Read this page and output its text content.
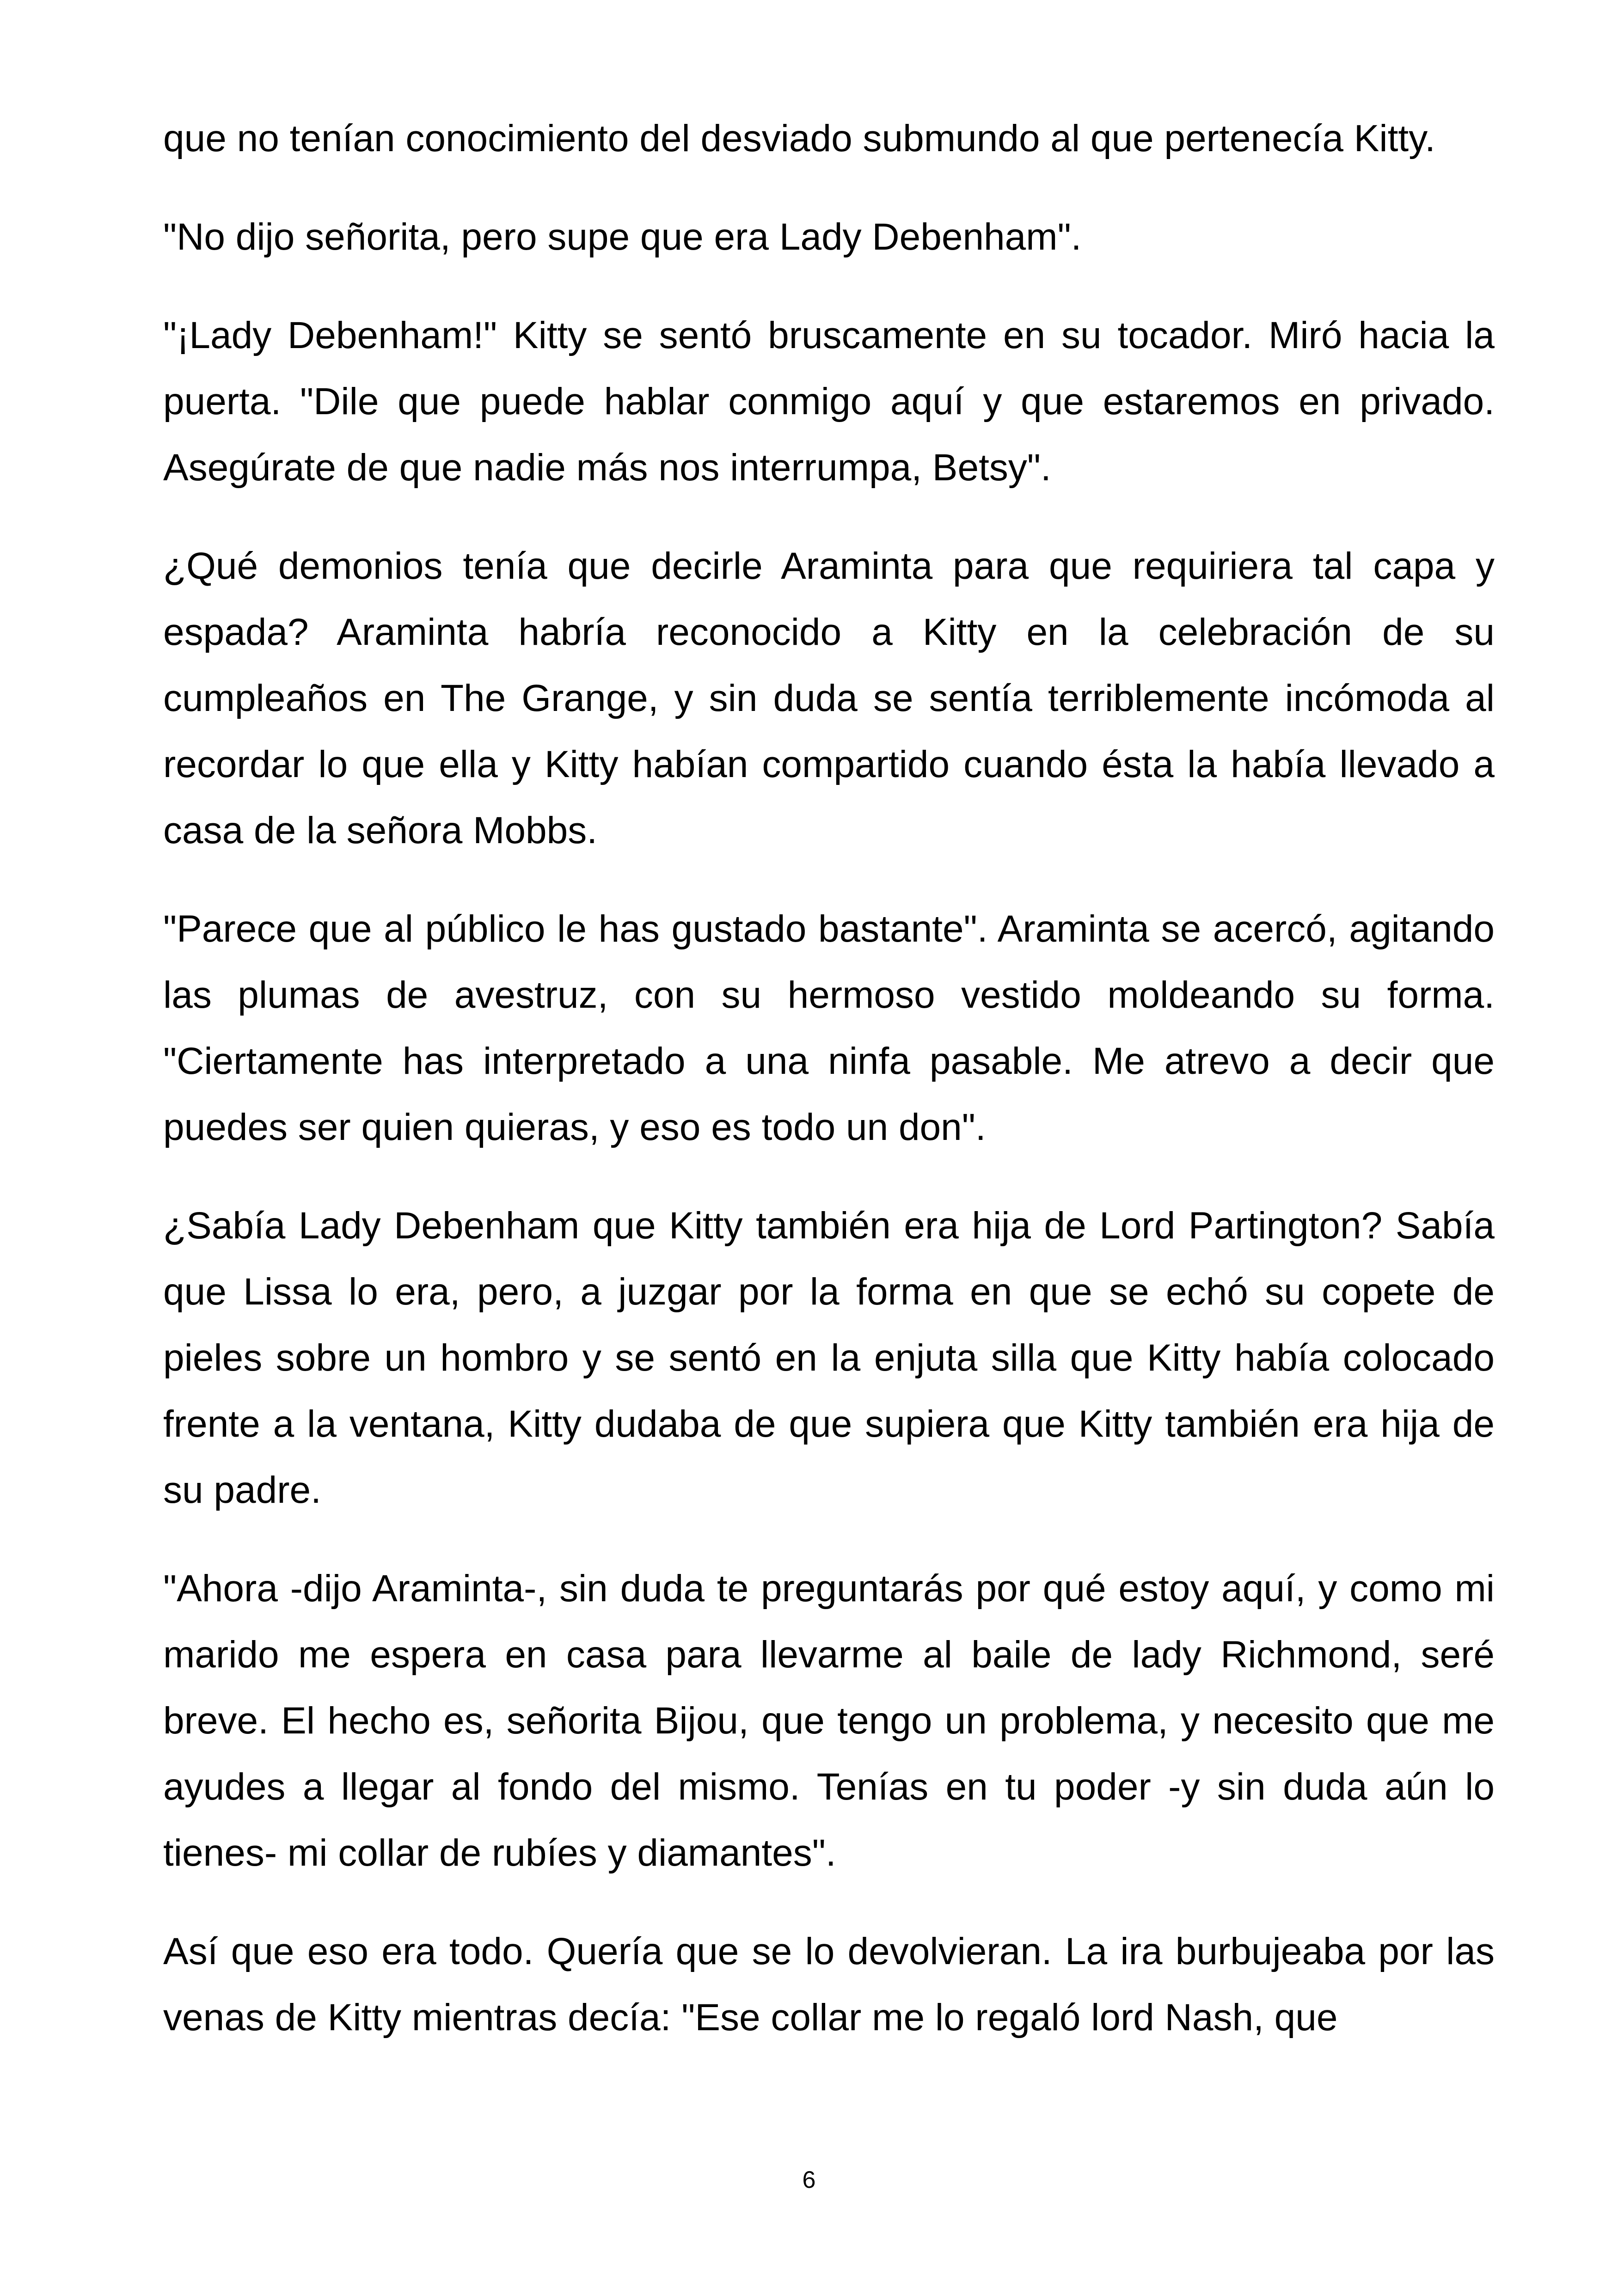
que no tenían conocimiento del desviado submundo al que pertenecía Kitty.

"No dijo señorita, pero supe que era Lady Debenham".

"¡Lady Debenham!" Kitty se sentó bruscamente en su tocador. Miró hacia la puerta. "Dile que puede hablar conmigo aquí y que estaremos en privado. Asegúrate de que nadie más nos interrumpa, Betsy".

¿Qué demonios tenía que decirle Araminta para que requiriera tal capa y espada? Araminta habría reconocido a Kitty en la celebración de su cumpleaños en The Grange, y sin duda se sentía terriblemente incómoda al recordar lo que ella y Kitty habían compartido cuando ésta la había llevado a casa de la señora Mobbs.

"Parece que al público le has gustado bastante". Araminta se acercó, agitando las plumas de avestruz, con su hermoso vestido moldeando su forma. "Ciertamente has interpretado a una ninfa pasable. Me atrevo a decir que puedes ser quien quieras, y eso es todo un don".

¿Sabía Lady Debenham que Kitty también era hija de Lord Partington? Sabía que Lissa lo era, pero, a juzgar por la forma en que se echó su copete de pieles sobre un hombro y se sentó en la enjuta silla que Kitty había colocado frente a la ventana, Kitty dudaba de que supiera que Kitty también era hija de su padre.

"Ahora -dijo Araminta-, sin duda te preguntarás por qué estoy aquí, y como mi marido me espera en casa para llevarme al baile de lady Richmond, seré breve. El hecho es, señorita Bijou, que tengo un problema, y necesito que me ayudes a llegar al fondo del mismo. Tenías en tu poder -y sin duda aún lo tienes- mi collar de rubíes y diamantes".

Así que eso era todo. Quería que se lo devolvieran. La ira burbujeaba por las venas de Kitty mientras decía: "Ese collar me lo regaló lord Nash, que

6
